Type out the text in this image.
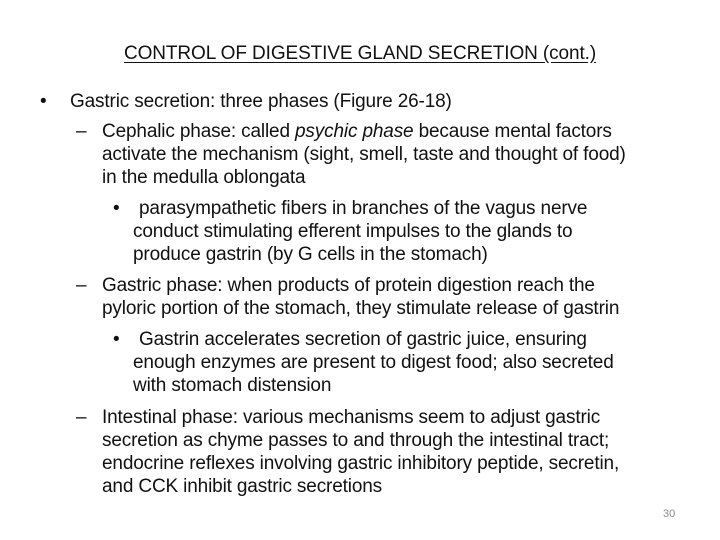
CONTROL OF DIGESTIVE GLAND SECRETION (cont.)
• Gastric secretion: three phases (Figure 26-18)
– Cephalic phase: called psychic phase because mental factors
activate the mechanism (sight, smell, taste and thought of food)
in the medulla oblongata
• parasympathetic fibers in branches of the vagus nerve
conduct stimulating efferent impulses to the glands to
produce gastrin (by G cells in the stomach)
– Gastric phase: when products of protein digestion reach the
pyloric portion of the stomach, they stimulate release of gastrin
• Gastrin accelerates secretion of gastric juice, ensuring
enough enzymes are present to digest food; also secreted
with stomach distension
– Intestinal phase: various mechanisms seem to adjust gastric
secretion as chyme passes to and through the intestinal tract;
endocrine reflexes involving gastric inhibitory peptide, secretin,
and CCK inhibit gastric secretions
30
